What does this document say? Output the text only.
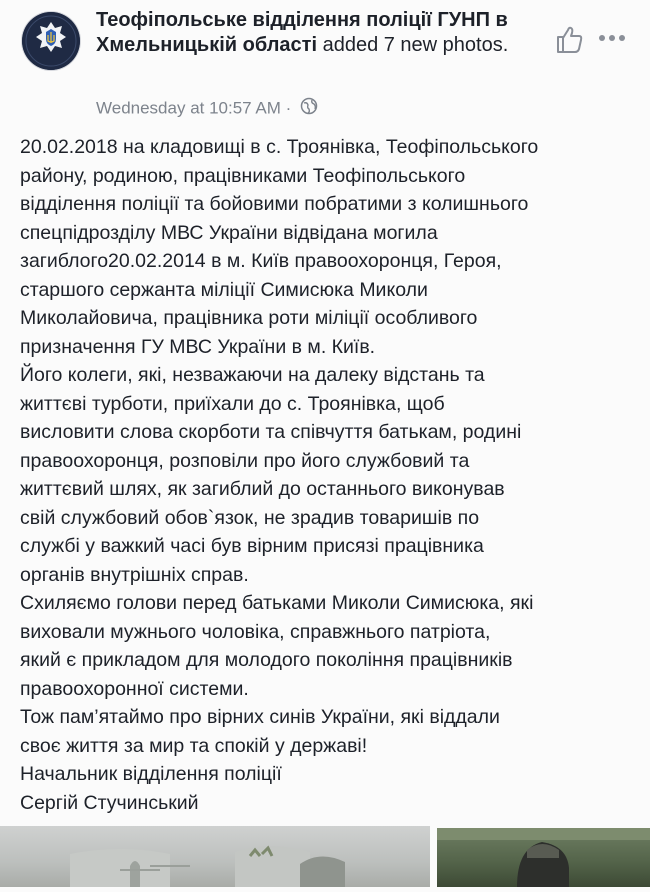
Теофіпольське відділення поліції ГУНП в Хмельницькій області added 7 new photos.
Wednesday at 10:57 AM ·

20.02.2018 на кладовищі в с. Троянівка, Теофіпольського

району, родиною, працівниками Теофіпольського

відділення поліції та бойовими побратими з колишнього

спецпідрозділу МВС України відвідана могила

загиблого20.02.2014 в м. Київ правоохоронця, Героя,

старшого сержанта міліції Симисюка Миколи

Миколайовича, працівника роти міліції особливого

призначення ГУ МВС України в м. Київ.

Його колеги, які, незважаючи на далеку відстань та

життєві турботи, приїхали до с. Троянівка, щоб

висловити слова скорботи та співчуття батькам, родині

правоохоронця, розповіли про його службовий та

життєвий шлях, як загиблий до останнього виконував

свій службовий обов`язок, не зрадив товаришів по

службі у важкий часі був вірним присязі працівника

органів внутрішніх справ.

Схиляємо голови перед батьками Миколи Симисюка, які

виховали мужнього чоловіка, справжнього патріота,

який є прикладом для молодого покоління працівників

правоохоронної системи.

Тож пам’ятаймо про вірних синів України, які віддали

своє життя за мир та спокій у державі!

Начальник відділення поліції

Сергій Стучинський
